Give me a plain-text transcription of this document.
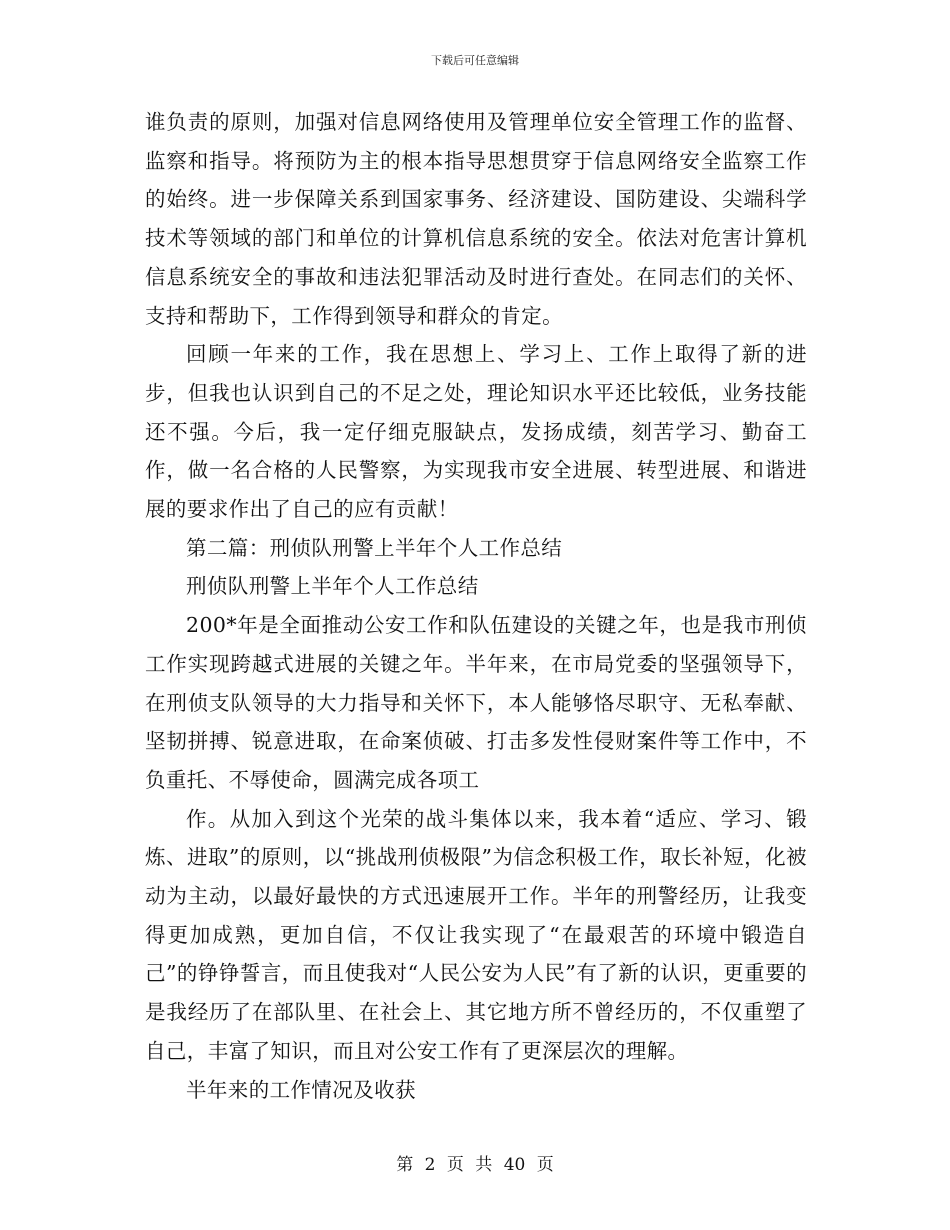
下载后可任意编辑

谁负责的原则，加强对信息网络使用及管理单位安全管理工作的监督、监察和指导。将预防为主的根本指导思想贯穿于信息网络安全监察工作的始终。进一步保障关系到国家事务、经济建设、国防建设、尖端科学技术等领域的部门和单位的计算机信息系统的安全。依法对危害计算机信息系统安全的事故和违法犯罪活动及时进行查处。在同志们的关怀、支持和帮助下，工作得到领导和群众的肯定。

回顾一年来的工作，我在思想上、学习上、工作上取得了新的进步，但我也认识到自己的不足之处，理论知识水平还比较低，业务技能还不强。今后，我一定仔细克服缺点，发扬成绩，刻苦学习、勤奋工作，做一名合格的人民警察，为实现我市安全进展、转型进展、和谐进展的要求作出了自己的应有贡献！

第二篇：刑侦队刑警上半年个人工作总结

刑侦队刑警上半年个人工作总结

200*年是全面推动公安工作和队伍建设的关键之年，也是我市刑侦工作实现跨越式进展的关键之年。半年来，在市局党委的坚强领导下，在刑侦支队领导的大力指导和关怀下，本人能够恪尽职守、无私奉献、坚韧拼搏、锐意进取，在命案侦破、打击多发性侵财案件等工作中，不负重托、不辱使命，圆满完成各项工

作。从加入到这个光荣的战斗集体以来，我本着“适应、学习、锻炼、进取”的原则，以“挑战刑侦极限”为信念积极工作，取长补短，化被动为主动，以最好最快的方式迅速展开工作。半年的刑警经历，让我变得更加成熟，更加自信，不仅让我实现了“在最艰苦的环境中锻造自己”的铮铮誓言，而且使我对“人民公安为人民”有了新的认识，更重要的是我经历了在部队里、在社会上、其它地方所不曾经历的，不仅重塑了自己，丰富了知识，而且对公安工作有了更深层次的理解。

半年来的工作情况及收获

第 2 页 共 40 页
